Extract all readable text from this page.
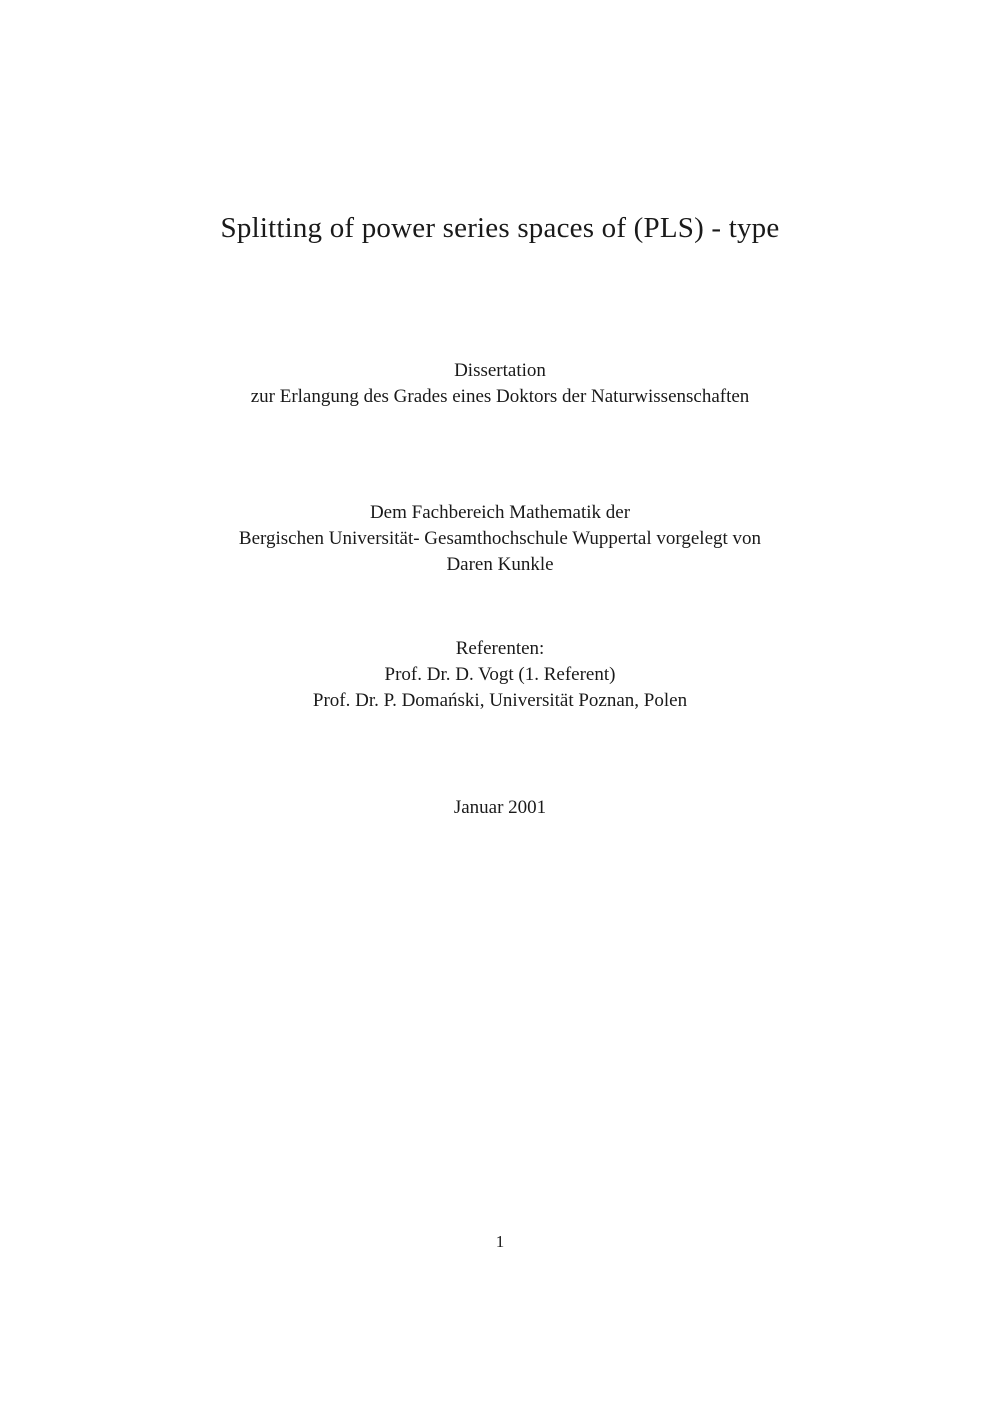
Splitting of power series spaces of (PLS) - type
Dissertation
zur Erlangung des Grades eines Doktors der Naturwissenschaften
Dem Fachbereich Mathematik der
Bergischen Universität- Gesamthochschule Wuppertal vorgelegt von
Daren Kunkle
Referenten:
Prof. Dr. D. Vogt (1. Referent)
Prof. Dr. P. Domański, Universität Poznan, Polen
Januar 2001
1
